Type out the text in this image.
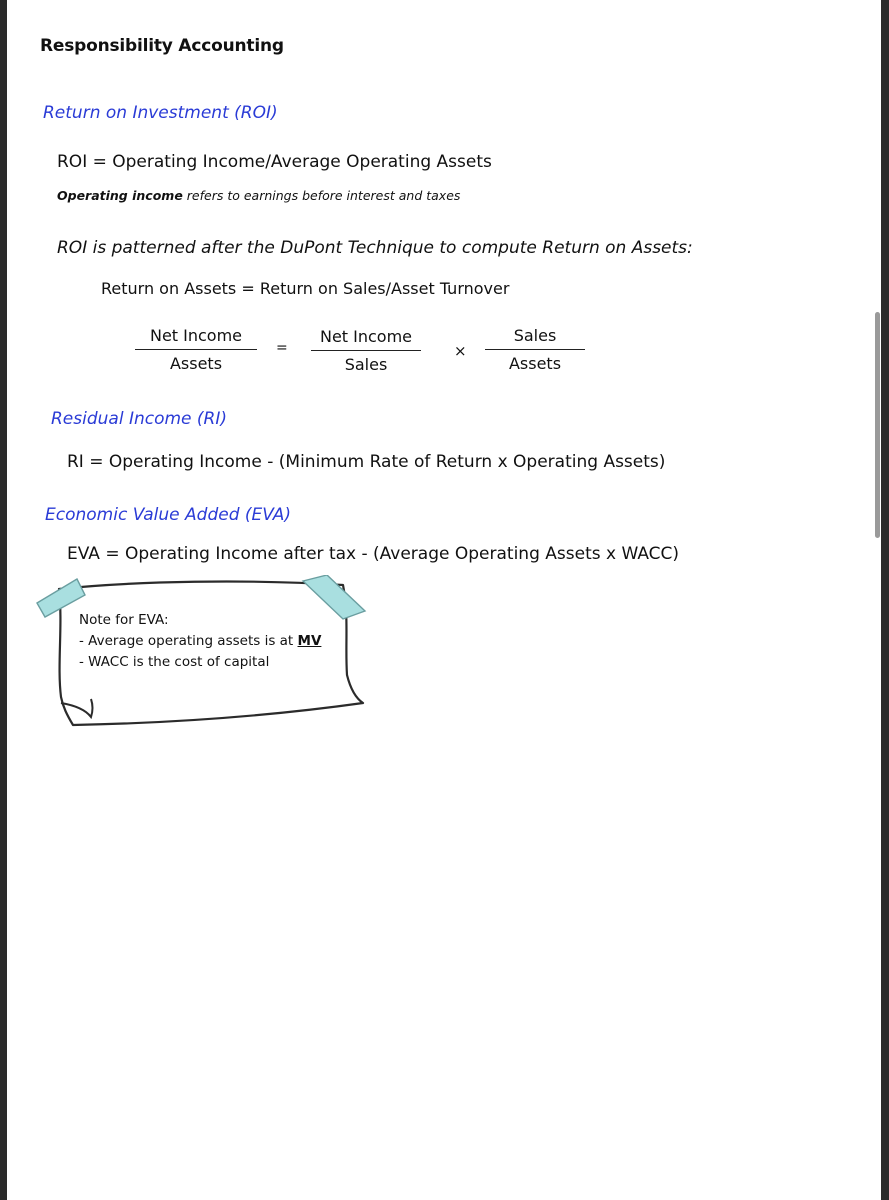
Responsibility Accounting
Return on Investment (ROI)
ROI = Operating Income/Average Operating Assets
Operating income refers to earnings before interest and taxes
ROI is patterned after the DuPont Technique to compute Return on Assets:
Return on Assets = Return on Sales/Asset Turnover
Net Income
Assets
=
Net Income
Sales
×
Sales
Assets
Residual Income (RI)
RI = Operating Income - (Minimum Rate of Return x Operating Assets)
Economic Value Added (EVA)
EVA = Operating Income after tax - (Average Operating Assets x WACC)
Note for EVA:
- Average operating assets is at MV
- WACC is the cost of capital
